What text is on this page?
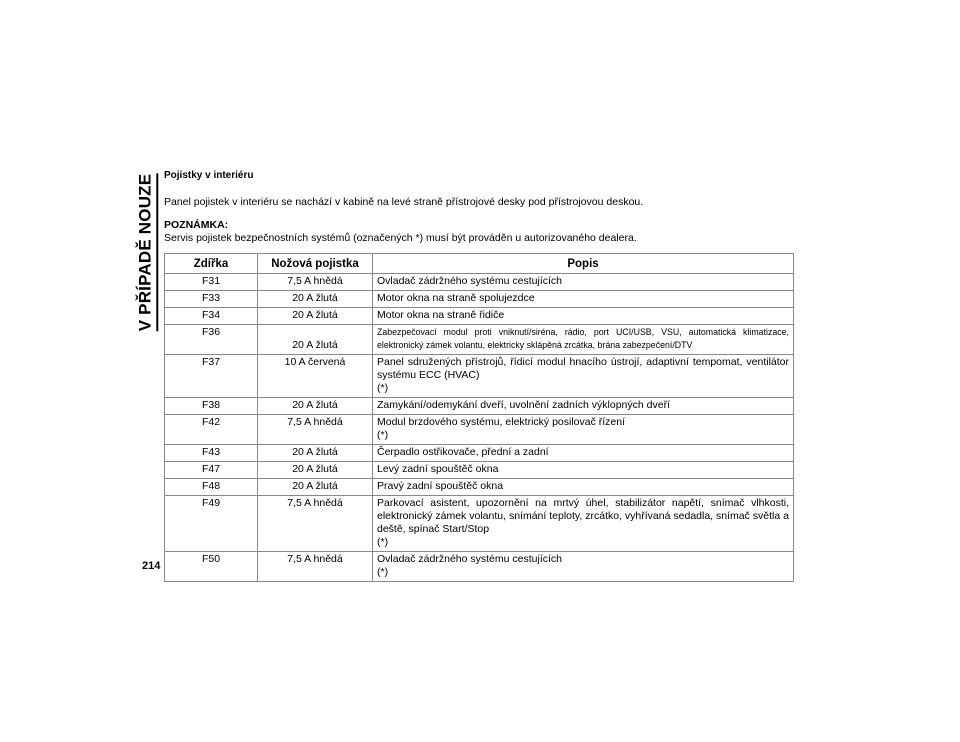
V PŘÍPADĚ NOUZE
214

Pojistky v interiéru

Panel pojistek v interiéru se nachází v kabině na levé straně přístrojové desky pod přístrojovou deskou.

POZNÁMKA:

Servis pojistek bezpečnostních systémů (označených *) musí být prováděn u autorizovaného dealera.

Zdířka	Nožová pojistka	Popis
F31	7,5 A hnědá	Ovladač zádržného systému cestujících

F33	20 A žlutá	Motor okna na straně spolujezdce

F34	20 A žlutá	Motor okna na straně řidiče

F36	20 A žlutá	Zabezpečovací modul proti vniknutí/siréna, rádio, port UCI/USB, VSU, automatická klimatizace, elektronický zámek volantu, elektricky sklápěná zrcátka, brána zabezpečení/DTV

F37	10 A červená	Panel sdružených přístrojů, řídicí modul hnacího ústrojí, adaptivní tempomat, ventilátor systému ECC (HVAC)
(*)

F38	20 A žlutá	Zamykání/odemykání dveří, uvolnění zadních výklopných dveří

F42	7,5 A hnědá	Modul brzdového systému, elektrický posilovač řízení
(*)

F43	20 A žlutá	Čerpadlo ostřikovače, přední a zadní

F47	20 A žlutá	Levý zadní spouštěč okna

F48	20 A žlutá	Pravý zadní spouštěč okna

F49	7,5 A hnědá	Parkovací asistent, upozornění na mrtvý úhel, stabilizátor napětí, snímač vlhkosti, elektronický zámek volantu, snímání teploty, zrcátko, vyhřívaná sedadla, snímač světla a deště, spínač Start/Stop
(*)

F50	7,5 A hnědá	Ovladač zádržného systému cestujících
(*)
